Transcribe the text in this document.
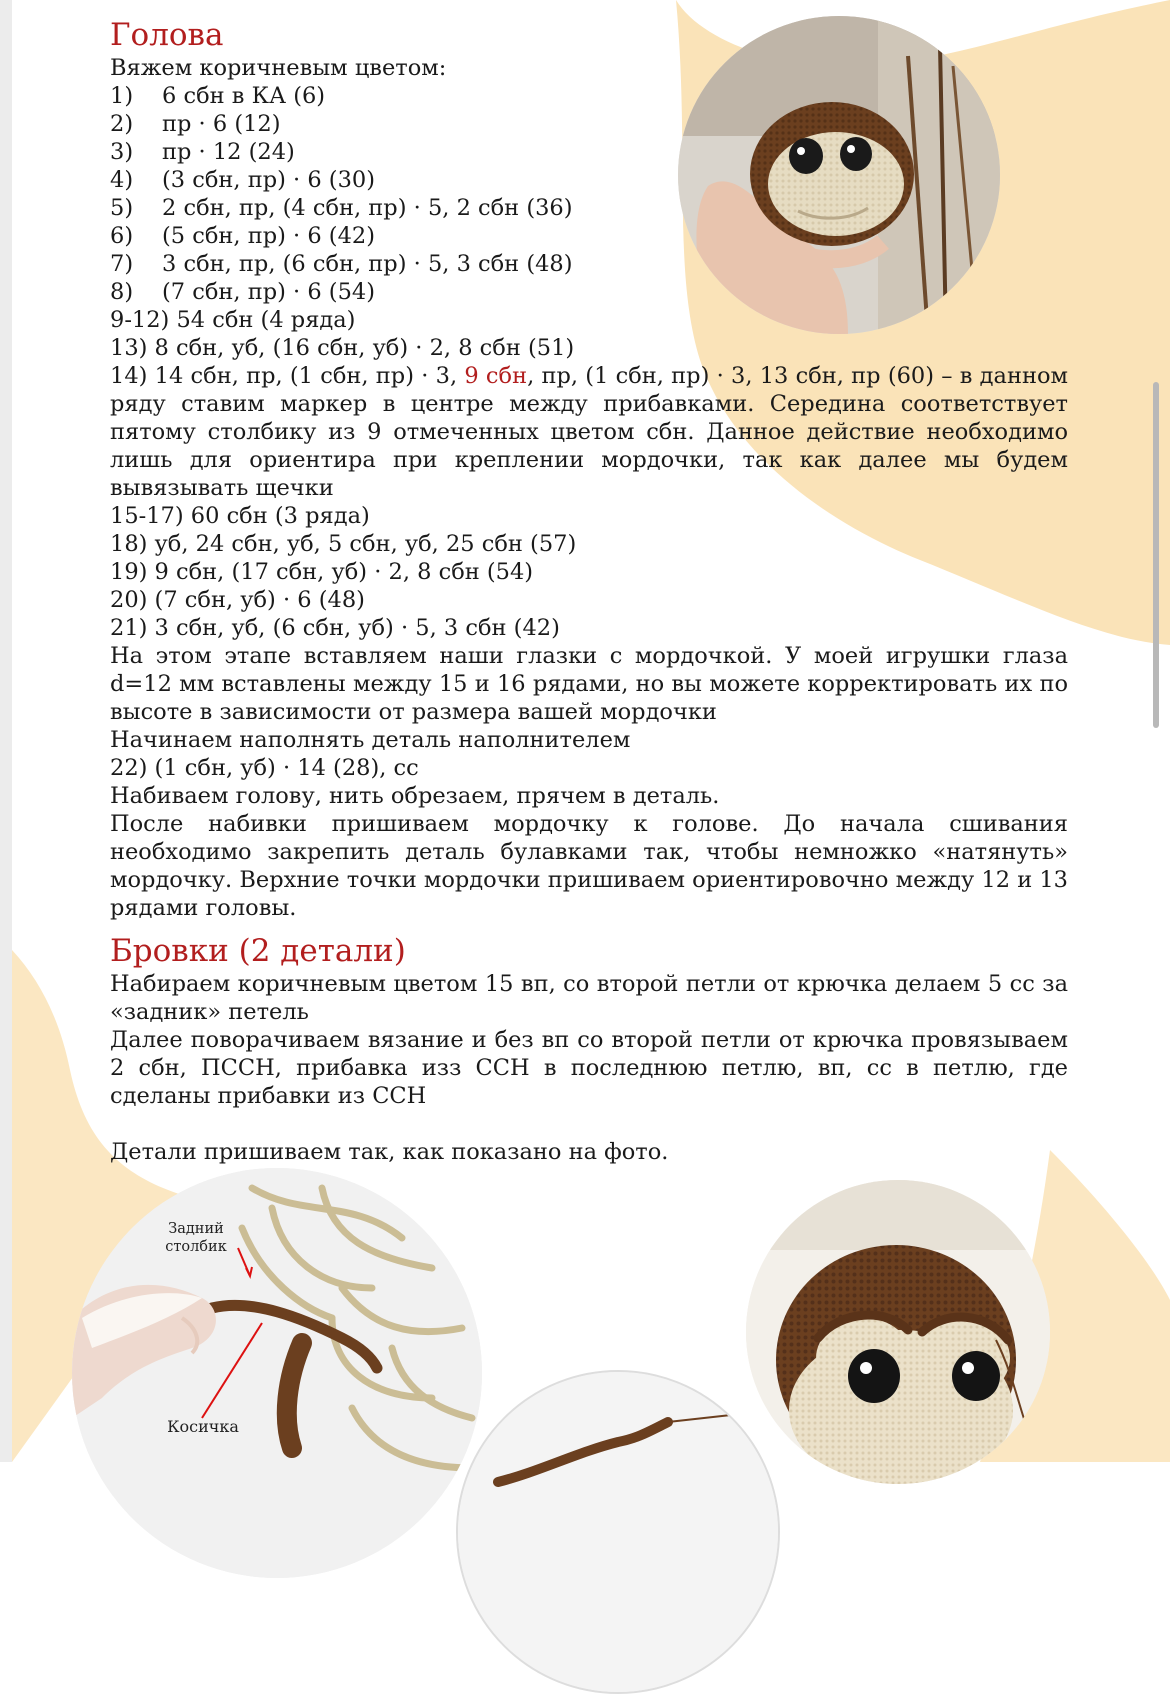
Голова
Вяжем коричневым цветом:
1) 6 сбн в КА (6)
2) пр · 6 (12)
3) пр · 12 (24)
4) (3 сбн, пр) · 6 (30)
5) 2 сбн, пр, (4 сбн, пр) · 5, 2 сбн (36)
6) (5 сбн, пр) · 6 (42)
7) 3 сбн, пр, (6 сбн, пр) · 5, 3 сбн (48)
8) (7 сбн, пр) · 6 (54)
9-12) 54 сбн (4 ряда)
13) 8 сбн, уб, (16 сбн, уб) · 2, 8 сбн (51)
14) 14 сбн, пр, (1 сбн, пр) · 3, 9 сбн, пр, (1 сбн, пр) · 3, 13 сбн, пр (60) – в данном ряду ставим маркер в центре между прибавками. Середина соответствует пятому столбику из 9 отмеченных цветом сбн. Данное действие необходимо лишь для ориентира при креплении мордочки, так как далее мы будем вывязывать щечки
15-17) 60 сбн (3 ряда)
18) уб, 24 сбн, уб, 5 сбн, уб, 25 сбн (57)
19) 9 сбн, (17 сбн, уб) · 2, 8 сбн (54)
20) (7 сбн, уб) · 6 (48)
21) 3 сбн, уб, (6 сбн, уб) · 5, 3 сбн (42)
На этом этапе вставляем наши глазки с мордочкой. У моей игрушки глаза d=12 мм вставлены между 15 и 16 рядами, но вы можете корректировать их по высоте в зависимости от размера вашей мордочки
Начинаем наполнять деталь наполнителем
22) (1 сбн, уб) · 14 (28), сс
Набиваем голову, нить обрезаем, прячем в деталь.
После набивки пришиваем мордочку к голове. До начала сшивания необходимо закрепить деталь булавками так, чтобы немножко «натянуть» мордочку. Верхние точки мордочки пришиваем ориентировочно между 12 и 13 рядами головы.
Бровки (2 детали)
Набираем коричневым цветом 15 вп, со второй петли от крючка делаем 5 сс за «задник» петель
Далее поворачиваем вязание и без вп со второй петли от крючка провязываем 2 сбн, ПССН, прибавка изз ССН в последнюю петлю, вп, сс в петлю, где сделаны прибавки из ССН
Детали пришиваем так, как показано на фото.
Задний столбик
Косичка
